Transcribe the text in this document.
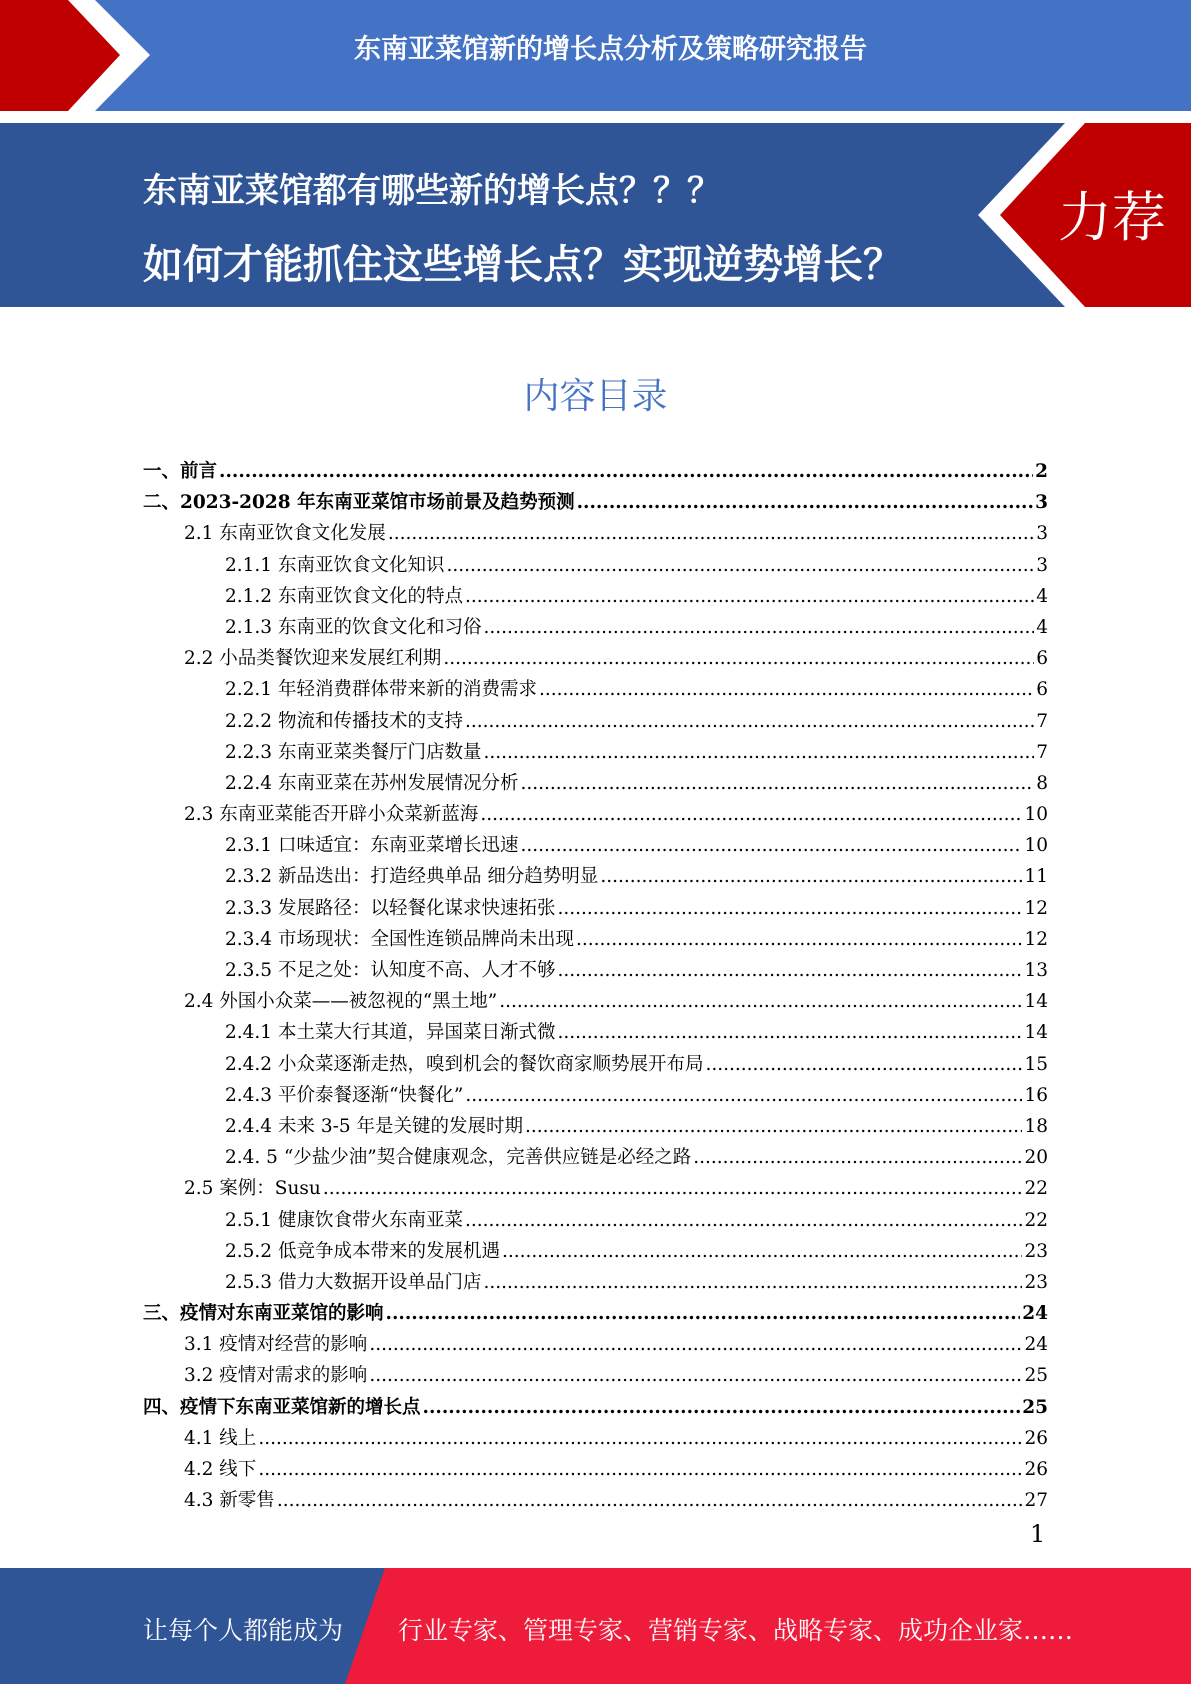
东南亚菜馆新的增长点分析及策略研究报告
东南亚菜馆都有哪些新的增长点？？？
如何才能抓住这些增长点？实现逆势增长？
力荐
内容目录
一、前言 .....	2
二、2023-2028 年东南亚菜馆市场前景及趋势预测 .....	3
2.1 东南亚饮食文化发展 .....	3
2.1.1 东南亚饮食文化知识 .....	3
2.1.2 东南亚饮食文化的特点 .....	4
2.1.3 东南亚的饮食文化和习俗 .....	4
2.2 小品类餐饮迎来发展红利期 .....	6
2.2.1 年轻消费群体带来新的消费需求 .....	6
2.2.2 物流和传播技术的支持 .....	7
2.2.3 东南亚菜类餐厅门店数量 .....	7
2.2.4 东南亚菜在苏州发展情况分析 .....	8
2.3 东南亚菜能否开辟小众菜新蓝海 .....	10
2.3.1 口味适宜：东南亚菜增长迅速 .....	10
2.3.2 新品迭出：打造经典单品 细分趋势明显 .....	11
2.3.3 发展路径：以轻餐化谋求快速拓张 .....	12
2.3.4 市场现状：全国性连锁品牌尚未出现 .....	12
2.3.5 不足之处：认知度不高、人才不够 .....	13
2.4 外国小众菜——被忽视的“黑土地” .....	14
2.4.1 本土菜大行其道，异国菜日渐式微 .....	14
2.4.2 小众菜逐渐走热，嗅到机会的餐饮商家顺势展开布局 .....	15
2.4.3 平价泰餐逐渐“快餐化” .....	16
2.4.4 未来 3-5 年是关键的发展时期 .....	18
2.4. 5 “少盐少油”契合健康观念，完善供应链是必经之路 .....	20
2.5 案例：Susu .....	22
2.5.1 健康饮食带火东南亚菜 .....	22
2.5.2 低竞争成本带来的发展机遇 .....	23
2.5.3 借力大数据开设单品门店 .....	23
三、疫情对东南亚菜馆的影响 .....	24
3.1 疫情对经营的影响 .....	24
3.2 疫情对需求的影响 .....	25
四、疫情下东南亚菜馆新的增长点 .....	25
4.1 线上 .....	26
4.2 线下 .....	26
4.3 新零售 .....	27
1
让每个人都能成为 行业专家、管理专家、营销专家、战略专家、成功企业家……
